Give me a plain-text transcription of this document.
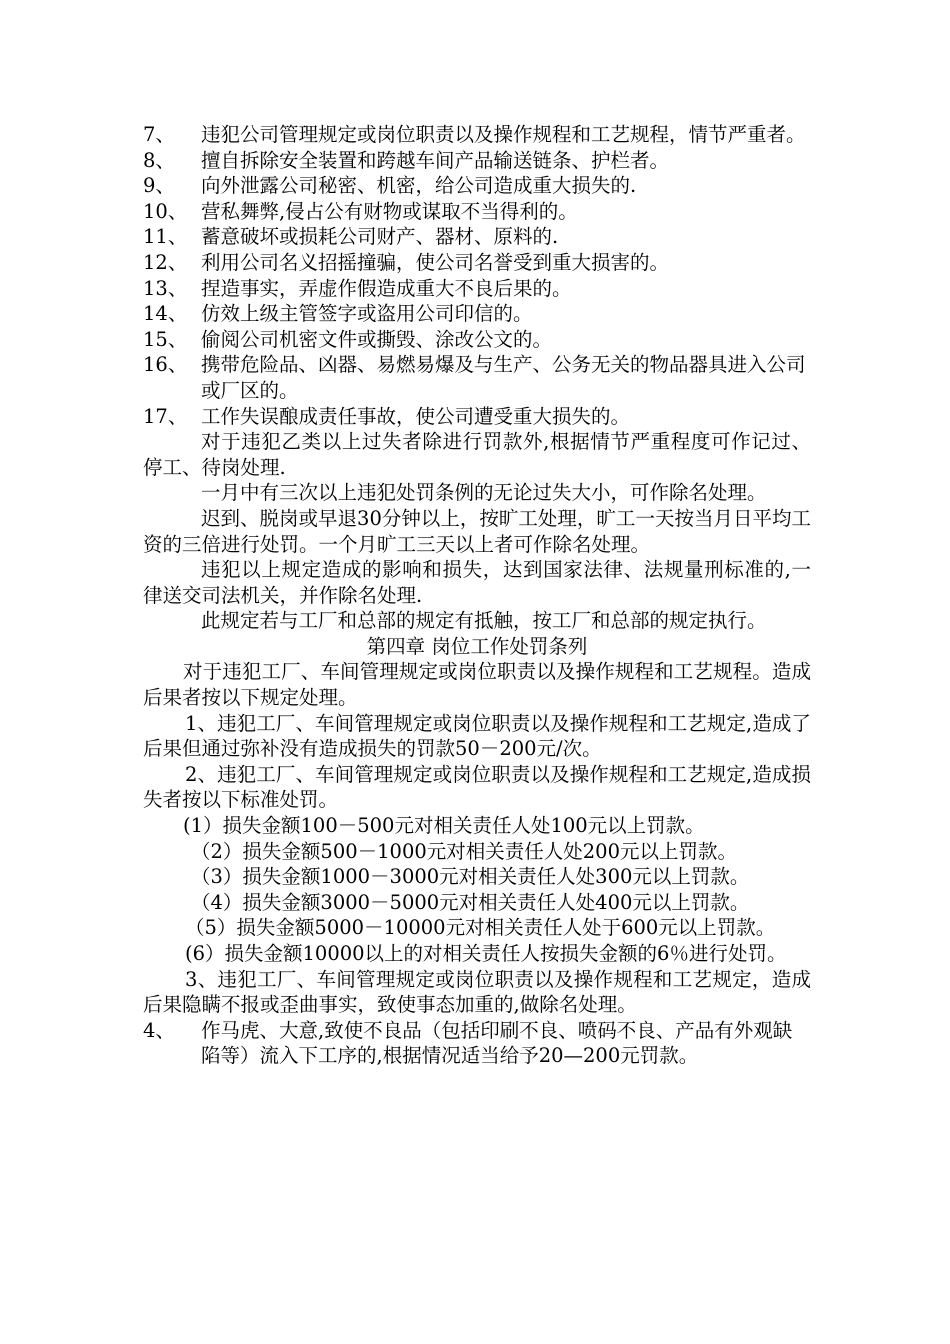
7、	违犯公司管理规定或岗位职责以及操作规程和工艺规程，情节严重者。
8、	擅自拆除安全装置和跨越车间产品输送链条、护栏者。
9、	向外泄露公司秘密、机密，给公司造成重大损失的.
10、 营私舞弊,侵占公有财物或谋取不当得利的。
11、 蓄意破坏或损耗公司财产、器材、原料的.
12、 利用公司名义招摇撞骗，使公司名誉受到重大损害的。
13、 捏造事实，弄虚作假造成重大不良后果的。
14、 仿效上级主管签字或盗用公司印信的。
15、 偷阅公司机密文件或撕毁、涂改公文的。
16、 携带危险品、凶器、易燃易爆及与生产、公务无关的物品器具进入公司或厂区的。
17、 工作失误酿成责任事故，使公司遭受重大损失的。

对于违犯乙类以上过失者除进行罚款外,根据情节严重程度可作记过、停工、待岗处理.

一月中有三次以上违犯处罚条例的无论过失大小，可作除名处理。

迟到、脱岗或早退30分钟以上，按旷工处理，旷工一天按当月日平均工资的三倍进行处罚。一个月旷工三天以上者可作除名处理。

违犯以上规定造成的影响和损失，达到国家法律、法规量刑标准的,一律送交司法机关，并作除名处理.

此规定若与工厂和总部的规定有抵触，按工厂和总部的规定执行。

第四章 岗位工作处罚条列

对于违犯工厂、车间管理规定或岗位职责以及操作规程和工艺规程。造成后果者按以下规定处理。

1、违犯工厂、车间管理规定或岗位职责以及操作规程和工艺规定,造成了后果但通过弥补没有造成损失的罚款50－200元/次。

2、违犯工厂、车间管理规定或岗位职责以及操作规程和工艺规定,造成损失者按以下标准处罚。

(1）损失金额100－500元对相关责任人处100元以上罚款。
（2）损失金额500－1000元对相关责任人处200元以上罚款。
（3）损失金额1000－3000元对相关责任人处300元以上罚款。
（4）损失金额3000－5000元对相关责任人处400元以上罚款。

（5）损失金额5000－10000元对相关责任人处于600元以上罚款。

(6）损失金额10000以上的对相关责任人按损失金额的6％进行处罚。

3、违犯工厂、车间管理规定或岗位职责以及操作规程和工艺规定，造成后果隐瞒不报或歪曲事实，致使事态加重的,做除名处理。

4、	作马虎、大意,致使不良品（包括印刷不良、喷码不良、产品有外观缺陷等）流入下工序的,根据情况适当给予20—200元罚款。
